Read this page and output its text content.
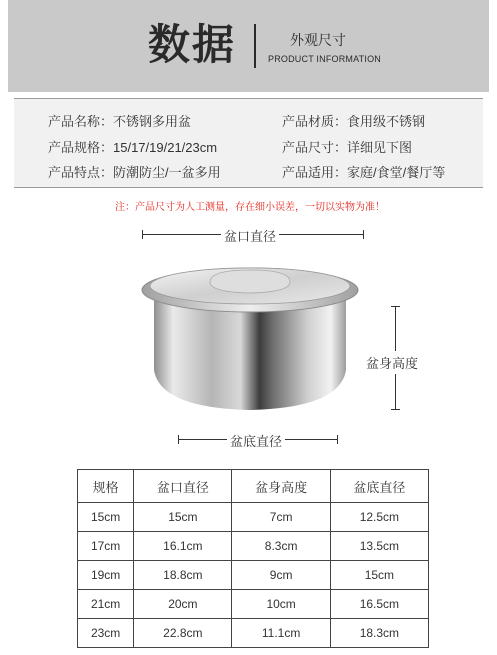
数据	外观尺寸
PRODUCT INFORMATION
产品名称：不锈钢多用盆	产品材质：食用级不锈钢
产品规格：15/17/19/21/23cm	产品尺寸：详细见下图
产品特点：防潮防尘/一盆多用	产品适用：家庭/食堂/餐厅等
注：产品尺寸为人工测量，存在细小误差，一切以实物为准！
盆口直径
盆身高度
盆底直径
规格	盆口直径	盆身高度	盆底直径
15cm	15cm	7cm	12.5cm
17cm	16.1cm	8.3cm	13.5cm
19cm	18.8cm	9cm	15cm
21cm	20cm	10cm	16.5cm
23cm	22.8cm	11.1cm	18.3cm
